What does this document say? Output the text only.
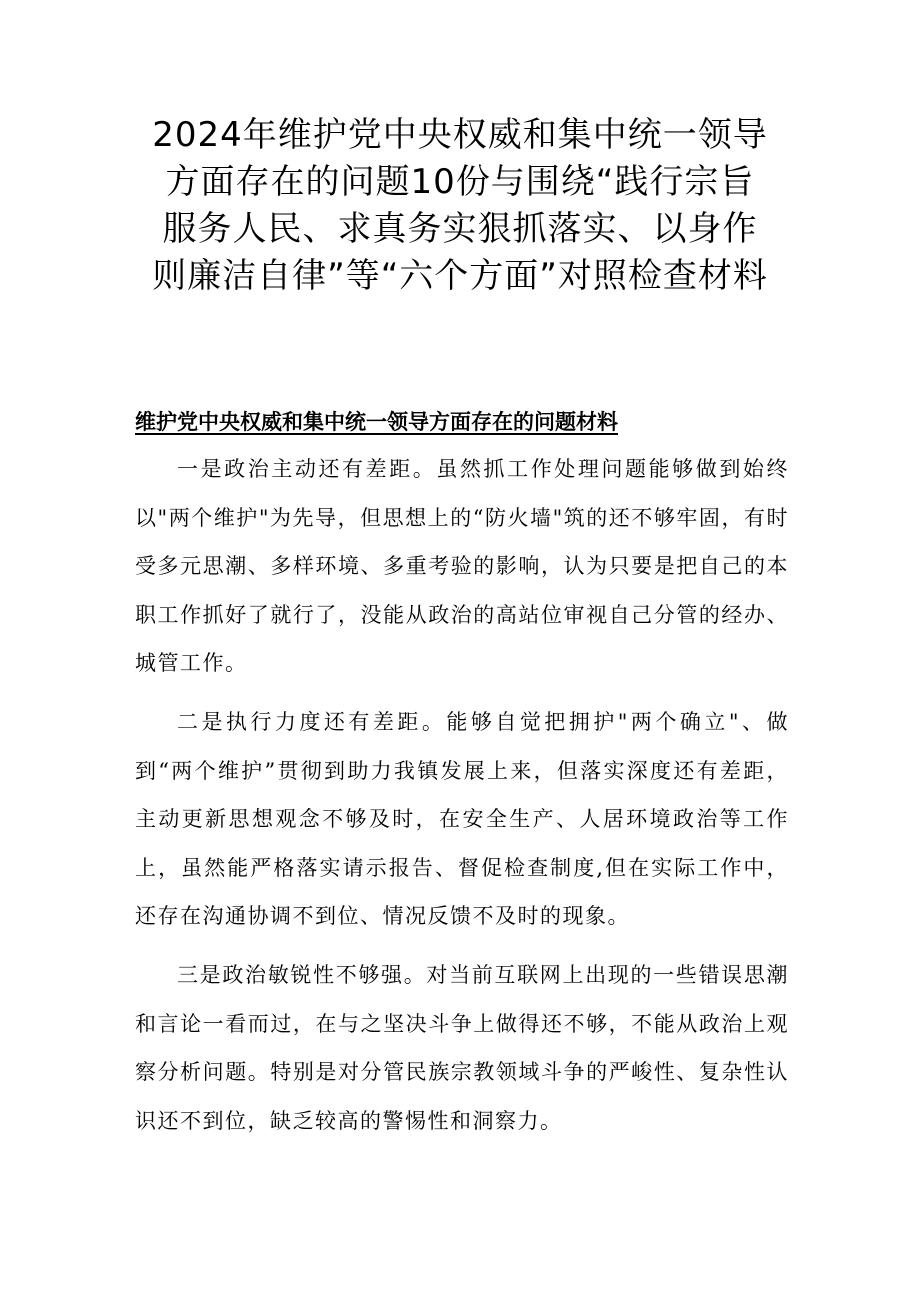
2024年维护党中央权威和集中统一领导方面存在的问题10份与围绕“践行宗旨服务人民、求真务实狠抓落实、以身作则廉洁自律”等“六个方面”对照检查材料
维护党中央权威和集中统一领导方面存在的问题材料

一是政治主动还有差距。虽然抓工作处理问题能够做到始终以"两个维护"为先导，但思想上的“防火墙"筑的还不够牢固，有时受多元思潮、多样环境、多重考验的影响，认为只要是把自己的本职工作抓好了就行了，没能从政治的高站位审视自己分管的经办、城管工作。

二是执行力度还有差距。能够自觉把拥护"两个确立"、做到“两个维护”贯彻到助力我镇发展上来，但落实深度还有差距，主动更新思想观念不够及时，在安全生产、人居环境政治等工作上，虽然能严格落实请示报告、督促检查制度,但在实际工作中，还存在沟通协调不到位、情况反馈不及时的现象。

三是政治敏锐性不够强。对当前互联网上出现的一些错误思潮和言论一看而过，在与之坚决斗争上做得还不够，不能从政治上观察分析问题。特别是对分管民族宗教领域斗争的严峻性、复杂性认识还不到位，缺乏较高的警惕性和洞察力。
